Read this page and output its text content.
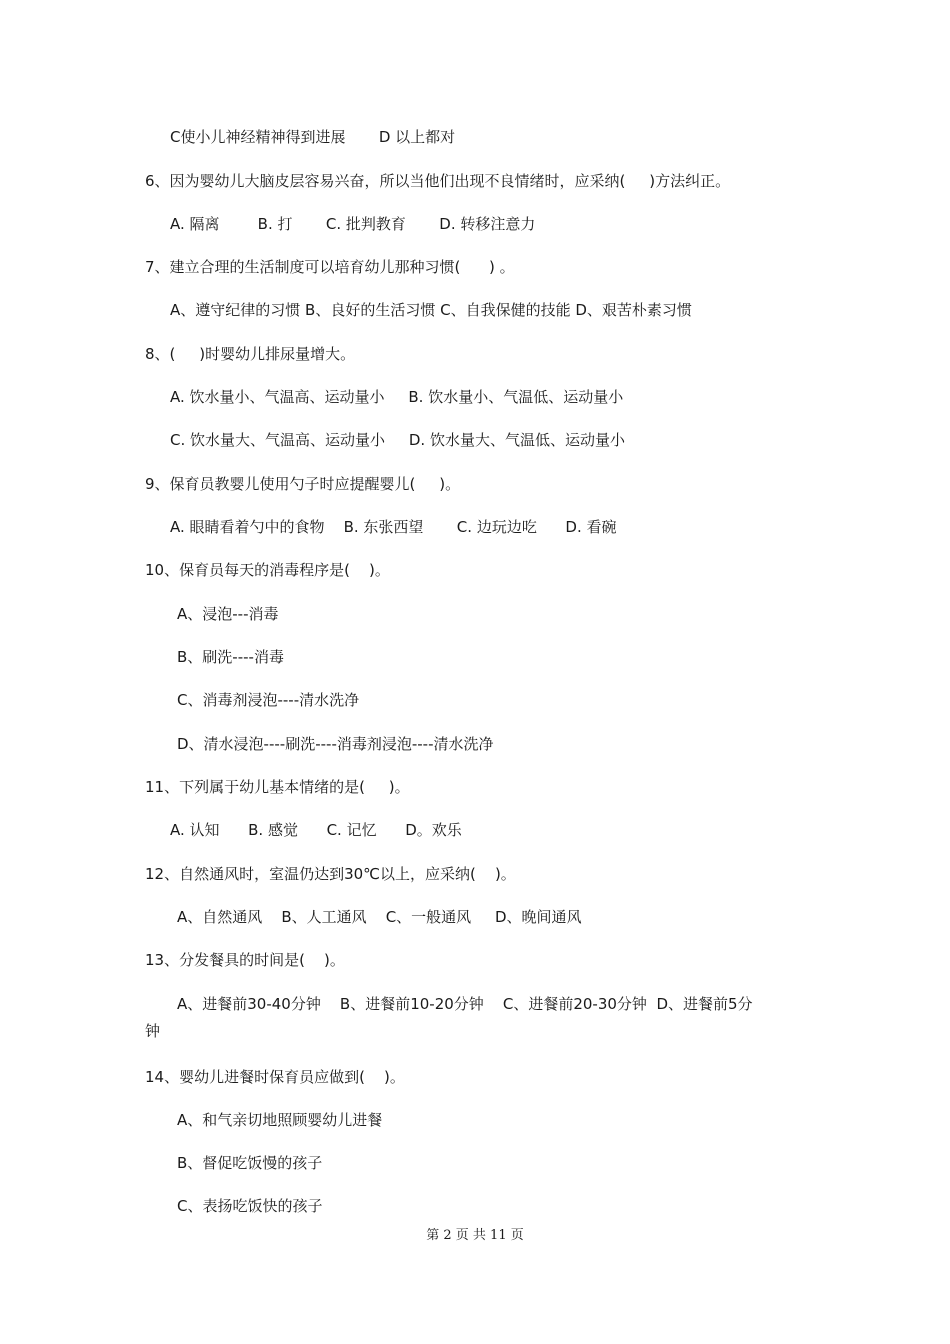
C使小儿神经精神得到进展       D 以上都对
6、因为婴幼儿大脑皮层容易兴奋，所以当他们出现不良情绪时，应采纳(     )方法纠正。
A. 隔离        B. 打       C. 批判教育       D. 转移注意力
7、建立合理的生活制度可以培育幼儿那种习惯(      ) 。
A、遵守纪律的习惯 B、良好的生活习惯 C、自我保健的技能 D、艰苦朴素习惯
8、(     )时婴幼儿排尿量增大。
A. 饮水量小、气温高、运动量小     B. 饮水量小、气温低、运动量小
C. 饮水量大、气温高、运动量小     D. 饮水量大、气温低、运动量小
9、保育员教婴儿使用勺子时应提醒婴儿(     )。
A. 眼睛看着勺中的食物    B. 东张西望       C. 边玩边吃      D. 看碗
10、保育员每天的消毒程序是(    )。
A、浸泡---消毒
B、刷洗----消毒
C、消毒剂浸泡----清水洗净
D、清水浸泡----刷洗----消毒剂浸泡----清水洗净
11、下列属于幼儿基本情绪的是(     )。
A. 认知      B. 感觉      C. 记忆      D。欢乐
12、自然通风时，室温仍达到30℃以上，应采纳(    )。
A、自然通风    B、人工通风    C、一般通风     D、晚间通风
13、分发餐具的时间是(    )。
A、进餐前30-40分钟    B、进餐前10-20分钟    C、进餐前20-30分钟  D、进餐前5分
钟
14、婴幼儿进餐时保育员应做到(    )。
A、和气亲切地照顾婴幼儿进餐
B、督促吃饭慢的孩子
C、表扬吃饭快的孩子
第 2 页 共 11 页
